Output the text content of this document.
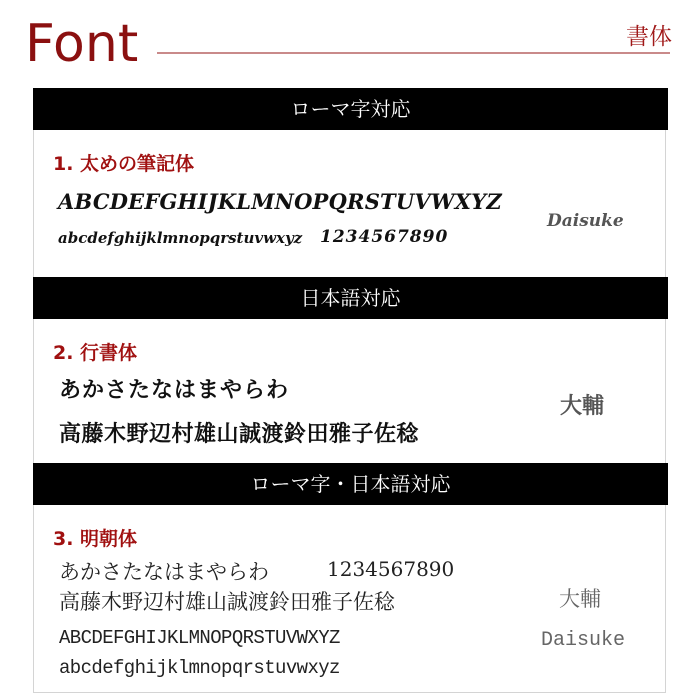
Font	書体
ローマ字対応
1. 太めの筆記体
ABCDEFGHIJKLMNOPQRSTUVWXYZ
abcdefghijklmnopqrstuvwxyz 1234567890
Daisuke
日本語対応
2. 行書体
あかさたなはまやらわ
高藤木野辺村雄山誠渡鈴田雅子佐稔
大輔
ローマ字・日本語対応
3. 明朝体
あかさたなはまやらわ	1234567890
高藤木野辺村雄山誠渡鈴田雅子佐稔
ABCDEFGHIJKLMNOPQRSTUVWXYZ
abcdefghijklmnopqrstuvwxyz
大輔
Daisuke
